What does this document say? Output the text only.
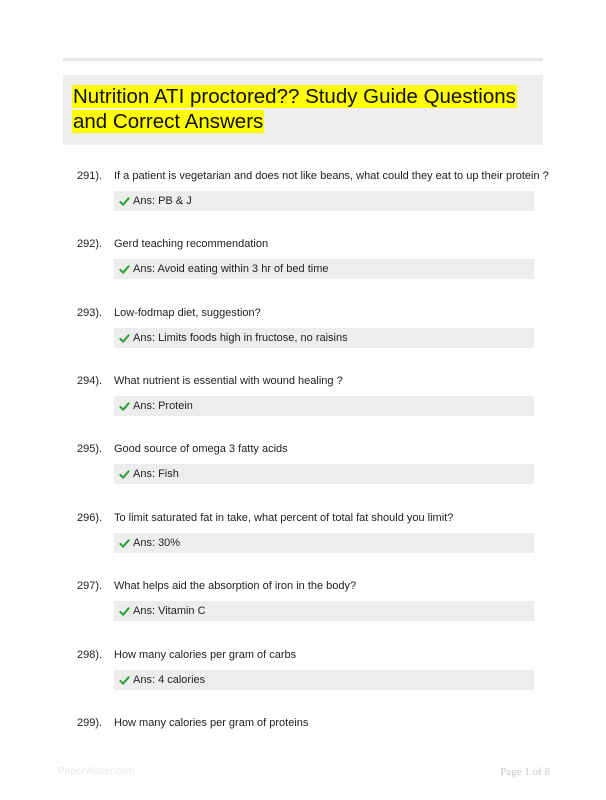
Nutrition ATI proctored?? Study Guide Questions and Correct Answers
291). If a patient is vegetarian and does not like beans, what could they eat to up their protein ?
Ans: PB & J
292). Gerd teaching recommendation
Ans: Avoid eating within 3 hr of bed time
293). Low-fodmap diet, suggestion?
Ans: Limits foods high in fructose, no raisins
294). What nutrient is essential with wound healing ?
Ans: Protein
295). Good source of omega 3 fatty acids
Ans: Fish
296). To limit saturated fat in take, what percent of total fat should you limit?
Ans: 30%
297). What helps aid the absorption of iron in the body?
Ans: Vitamin C
298). How many calories per gram of carbs
Ans: 4 calories
299). How many calories per gram of proteins
PaperWaiter.com	Page 1 of 8
